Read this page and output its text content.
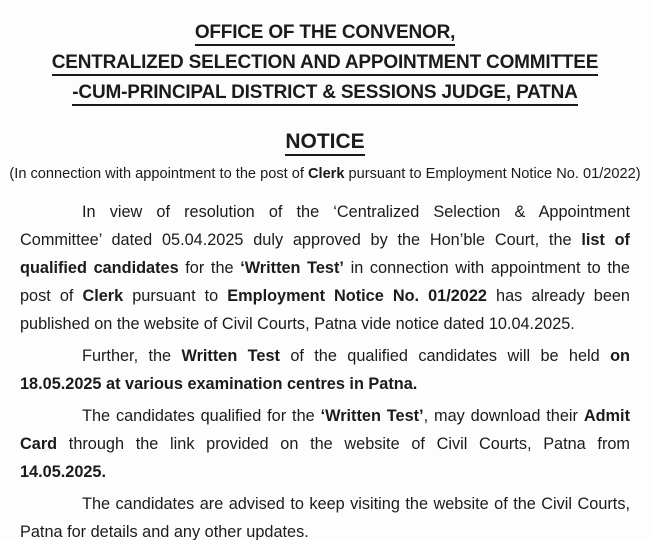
OFFICE OF THE CONVENOR,
CENTRALIZED SELECTION AND APPOINTMENT COMMITTEE
-CUM-PRINCIPAL DISTRICT & SESSIONS JUDGE, PATNA
NOTICE
(In connection with appointment to the post of Clerk pursuant to Employment Notice No. 01/2022)

In view of resolution of the ‘Centralized Selection & Appointment Committee’ dated 05.04.2025 duly approved by the Hon’ble Court, the list of qualified candidates for the ‘Written Test’ in connection with appointment to the post of Clerk pursuant to Employment Notice No. 01/2022 has already been published on the website of Civil Courts, Patna vide notice dated 10.04.2025.

Further, the Written Test of the qualified candidates will be held on 18.05.2025 at various examination centres in Patna.

The candidates qualified for the ‘Written Test’, may download their Admit Card through the link provided on the website of Civil Courts, Patna from 14.05.2025.

The candidates are advised to keep visiting the website of the Civil Courts, Patna for details and any other updates.
